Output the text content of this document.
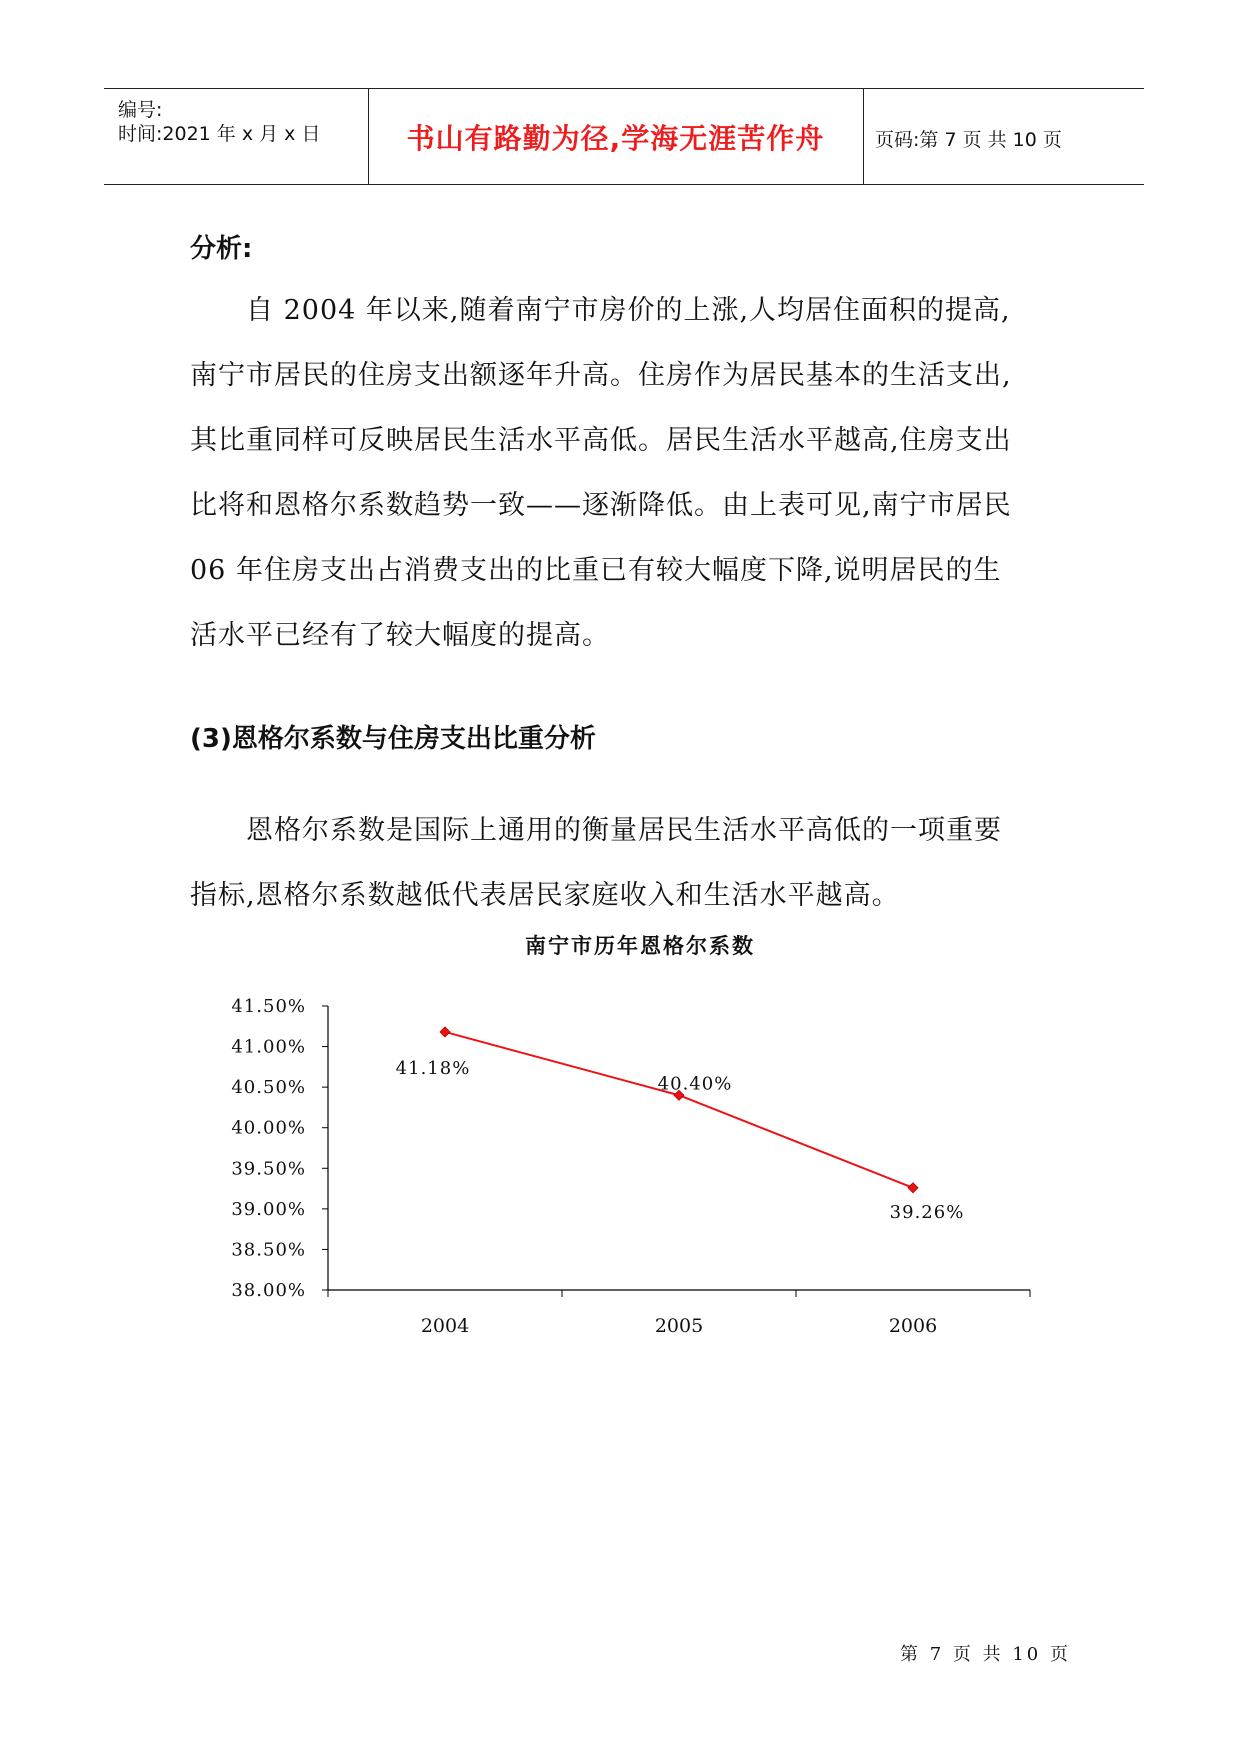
编号:
时间:2021 年 x 月 x 日	书山有路勤为径,学海无涯苦作舟	页码:第 7 页 共 10 页
分析:
自 2004 年以来,随着南宁市房价的上涨,人均居住面积的提高,
南宁市居民的住房支出额逐年升高。住房作为居民基本的生活支出,
其比重同样可反映居民生活水平高低。居民生活水平越高,住房支出
比将和恩格尔系数趋势一致——逐渐降低。由上表可见,南宁市居民
06 年住房支出占消费支出的比重已有较大幅度下降,说明居民的生
活水平已经有了较大幅度的提高。
(3)恩格尔系数与住房支出比重分析
恩格尔系数是国际上通用的衡量居民生活水平高低的一项重要
指标,恩格尔系数越低代表居民家庭收入和生活水平越高。
南宁市历年恩格尔系数
41.50%
41.00%
40.50%
40.00%
39.50%
39.00%
38.50%
38.00%
2004	2005	2006
41.18%
40.40%
39.26%
第 7 页 共 10 页
